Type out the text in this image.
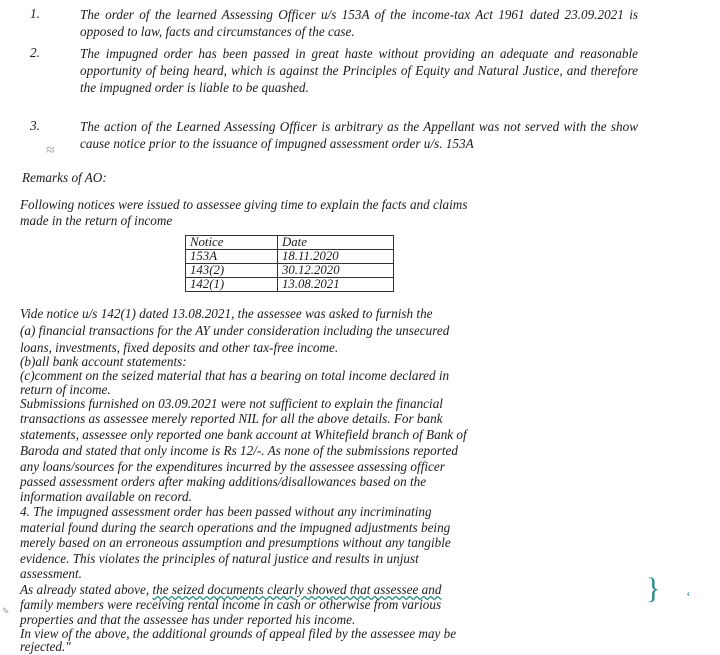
1.	The order of the learned Assessing Officer u/s 153A of the income-tax Act 1961 dated 23.09.2021 is opposed to law, facts and circumstances of the case.
2.	The impugned order has been passed in great haste without providing an adequate and reasonable opportunity of being heard, which is against the Principles of Equity and Natural Justice, and therefore the impugned order is liable to be quashed.
3.	The action of the Learned Assessing Officer is arbitrary as the Appellant was not served with the show cause notice prior to the issuance of impugned assessment order u/s. 153A
≈
Remarks of AO:
Following notices were issued to assessee giving time to explain the facts and claims
made in the return of income
Notice	Date
153A	18.11.2020
143(2)	30.12.2020
142(1)	13.08.2021
Vide notice u/s 142(1) dated 13.08.2021, the assessee was asked to furnish the
(a) financial transactions for the AY under consideration including the unsecured
loans, investments, fixed deposits and other tax-free income.
(b)all bank account statements:
(c)comment on the seized material that has a bearing on total income declared in
return of income.
Submissions furnished on 03.09.2021 were not sufficient to explain the financial
transactions as assessee merely reported NIL for all the above details. For bank
statements, assessee only reported one bank account at Whitefield branch of Bank of
Baroda and stated that only income is Rs 12/-. As none of the submissions reported
any loans/sources for the expenditures incurred by the assessee assessing officer
passed assessment orders after making additions/disallowances based on the
information available on record.
4. The impugned assessment order has been passed without any incriminating
material found during the search operations and the impugned adjustments being
merely based on an erroneous assumption and presumptions without any tangible
evidence. This violates the principles of natural justice and results in unjust
assessment.
As already stated above, the seized documents clearly showed that assessee and
family members were receiving rental income in cash or otherwise from various
properties and that the assessee has under reported his income.
} ʻ
In view of the above, the additional grounds of appeal filed by the assessee may be
rejected."
✎
